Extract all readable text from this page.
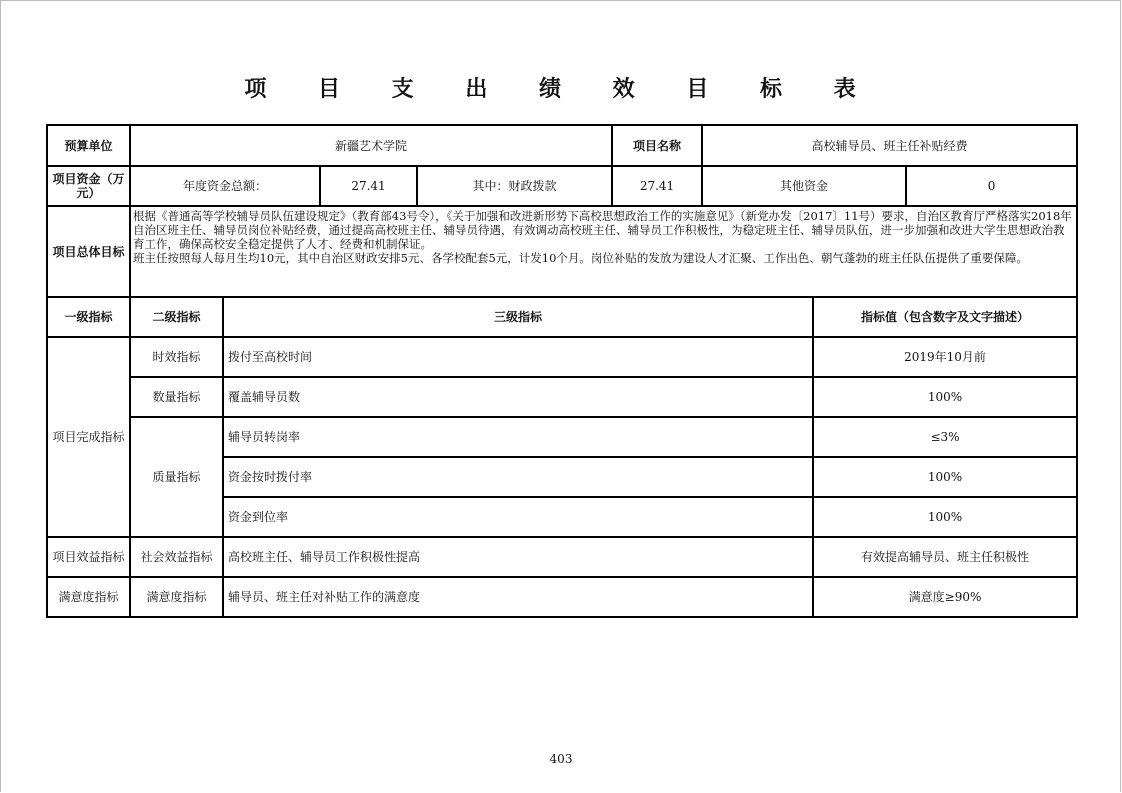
项 目 支 出 绩 效 目 标 表
预算单位	新疆艺术学院				项目名称	高校辅导员、班主任补贴经费		
项目资金（万元）	年度资金总额：		27.41	其中：财政拨款	27.41	其他资金		0
项目总体目标	根据《普通高等学校辅导员队伍建设规定》（教育部43号令），《关于加强和改进新形势下高校思想政治工作的实施意见》（新党办发〔2017〕11号）要求，自治区教育厅严格落实2018年自治区班主任、辅导员岗位补贴经费，通过提高高校班主任、辅导员待遇，有效调动高校班主任、辅导员工作积极性，为稳定班主任、辅导员队伍，进一步加强和改进大学生思想政治教育工作，确保高校安全稳定提供了人才、经费和机制保证。
班主任按照每人每月生均10元，其中自治区财政安排5元、各学校配套5元，计发10个月。岗位补贴的发放为建设人才汇聚、工作出色、朝气蓬勃的班主任队伍提供了重要保障。							

一级指标	二级指标	三级指标					指标值（包含数字及文字描述）	
项目完成指标	时效指标	拨付至高校时间					2019年10月前	
	数量指标	覆盖辅导员数					100%	
	质量指标	辅导员转岗率					≤3%	
		资金按时拨付率					100%	
		资金到位率					100%	
项目效益指标	社会效益指标	高校班主任、辅导员工作积极性提高					有效提高辅导员、班主任积极性	
满意度指标	满意度指标	辅导员、班主任对补贴工作的满意度					满意度≥90%	
403
